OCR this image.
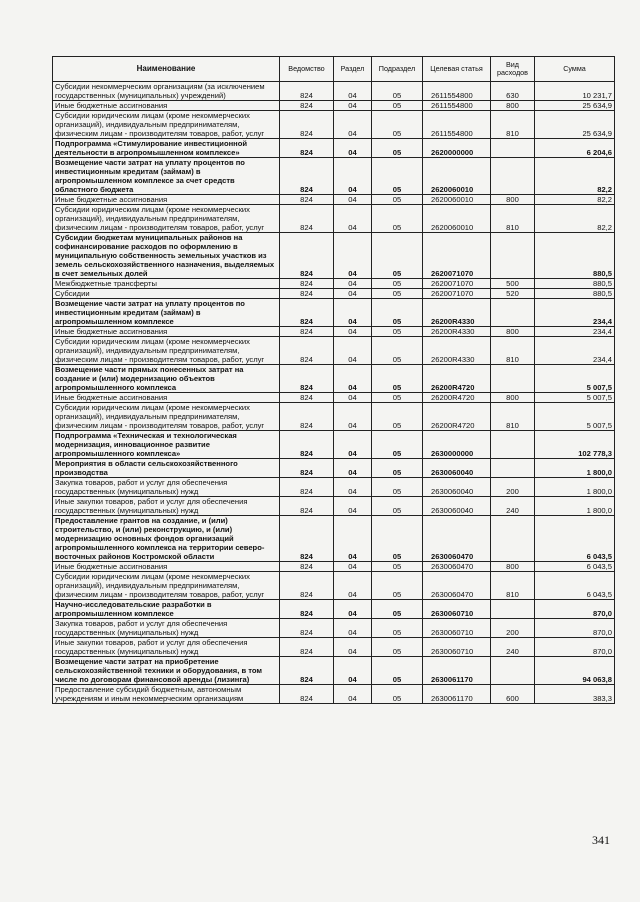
Наименование	Ведомство	Раздел	Подраздел	Целевая статья	Вид расходов	Сумма
Субсидии некоммерческим организациям (за исключением государственных (муниципальных) учреждений)	824	04	05	2611554800	630	10 231,7
Иные бюджетные ассигнования	824	04	05	2611554800	800	25 634,9
Субсидии юридическим лицам (кроме некоммерческих организаций), индивидуальным предпринимателям, физическим лицам - производителям товаров, работ, услуг	824	04	05	2611554800	810	25 634,9
Подпрограмма «Стимулирование инвестиционной деятельности в агропромышленном комплексе»	824	04	05	2620000000		6 204,6
Возмещение части затрат на уплату процентов по инвестиционным кредитам (займам) в агропромышленном комплексе за счет средств областного бюджета	824	04	05	2620060010		82,2
Иные бюджетные ассигнования	824	04	05	2620060010	800	82,2
Субсидии юридическим лицам (кроме некоммерческих организаций), индивидуальным предпринимателям, физическим лицам - производителям товаров, работ, услуг	824	04	05	2620060010	810	82,2
Субсидии бюджетам муниципальных районов на софинансирование расходов по оформлению в муниципальную собственность земельных участков из земель сельскохозяйственного назначения, выделяемых в счет земельных долей	824	04	05	2620071070		880,5
Межбюджетные трансферты	824	04	05	2620071070	500	880,5
Субсидии	824	04	05	2620071070	520	880,5
Возмещение части затрат на уплату процентов по инвестиционным кредитам (займам) в агропромышленном комплексе	824	04	05	26200R4330		234,4
Иные бюджетные ассигнования	824	04	05	26200R4330	800	234,4
Субсидии юридическим лицам (кроме некоммерческих организаций), индивидуальным предпринимателям, физическим лицам - производителям товаров, работ, услуг	824	04	05	26200R4330	810	234,4
Возмещение части прямых понесенных затрат на создание и (или) модернизацию объектов агропромышленного комплекса	824	04	05	26200R4720		5 007,5
Иные бюджетные ассигнования	824	04	05	26200R4720	800	5 007,5
Субсидии юридическим лицам (кроме некоммерческих организаций), индивидуальным предпринимателям, физическим лицам - производителям товаров, работ, услуг	824	04	05	26200R4720	810	5 007,5
Подпрограмма «Техническая и технологическая модернизация, инновационное развитие агропромышленного комплекса»	824	04	05	2630000000		102 778,3
Мероприятия в области сельскохозяйственного производства	824	04	05	2630060040		1 800,0
Закупка товаров, работ и услуг для обеспечения государственных (муниципальных) нужд	824	04	05	2630060040	200	1 800,0
Иные закупки товаров, работ и услуг для обеспечения государственных (муниципальных) нужд	824	04	05	2630060040	240	1 800,0
Предоставление грантов на создание, и (или) строительство, и (или) реконструкцию, и (или) модернизацию основных фондов организаций агропромышленного комплекса на территории северо-восточных районов Костромской области	824	04	05	2630060470		6 043,5
Иные бюджетные ассигнования	824	04	05	2630060470	800	6 043,5
Субсидии юридическим лицам (кроме некоммерческих организаций), индивидуальным предпринимателям, физическим лицам - производителям товаров, работ, услуг	824	04	05	2630060470	810	6 043,5
Научно-исследовательские разработки в агропромышленном комплексе	824	04	05	2630060710		870,0
Закупка товаров, работ и услуг для обеспечения государственных (муниципальных) нужд	824	04	05	2630060710	200	870,0
Иные закупки товаров, работ и услуг для обеспечения государственных (муниципальных) нужд	824	04	05	2630060710	240	870,0
Возмещение части затрат на приобретение сельскохозяйственной техники и оборудования, в том числе по договорам финансовой аренды (лизинга)	824	04	05	2630061170		94 063,8
Предоставление субсидий бюджетным, автономным учреждениям и иным некоммерческим организациям	824	04	05	2630061170	600	383,3
341
